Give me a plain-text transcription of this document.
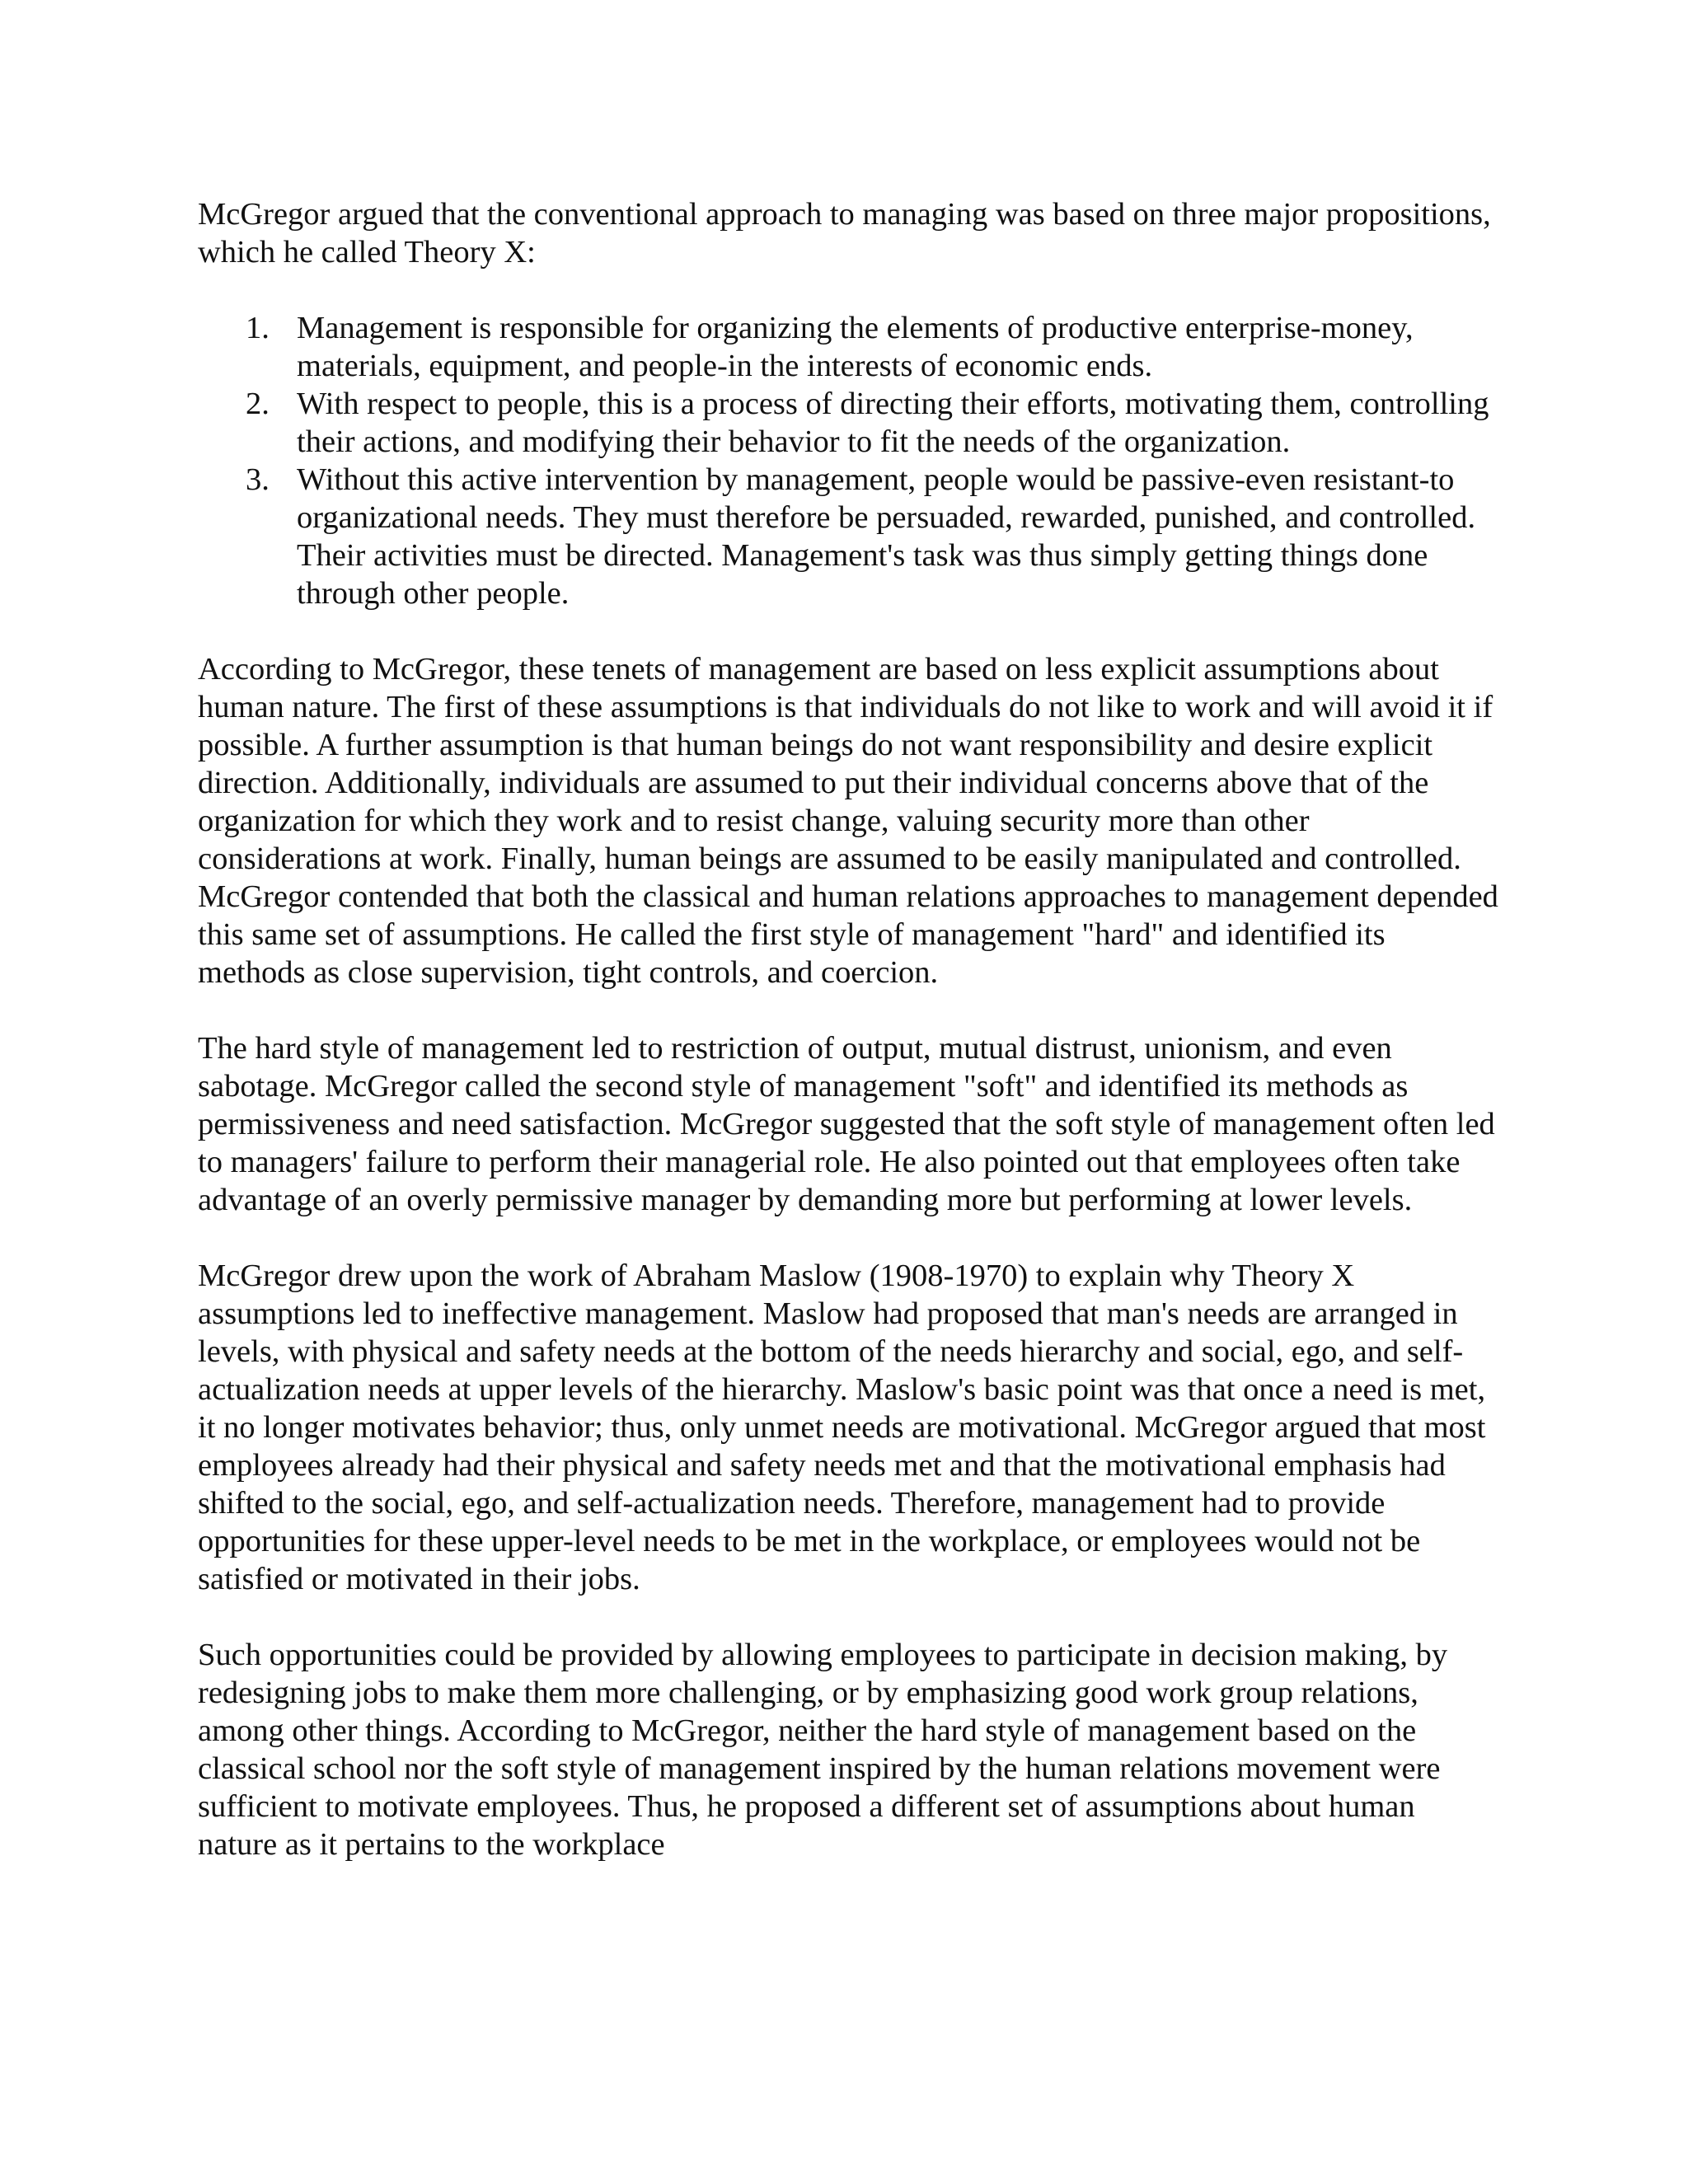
McGregor argued that the conventional approach to managing was based on three major propositions, which he called Theory X:

1. Management is responsible for organizing the elements of productive enterprise-money, materials, equipment, and people-in the interests of economic ends.
2. With respect to people, this is a process of directing their efforts, motivating them, controlling their actions, and modifying their behavior to fit the needs of the organization.
3. Without this active intervention by management, people would be passive-even resistant-to organizational needs. They must therefore be persuaded, rewarded, punished, and controlled. Their activities must be directed. Management's task was thus simply getting things done through other people.

According to McGregor, these tenets of management are based on less explicit assumptions about human nature. The first of these assumptions is that individuals do not like to work and will avoid it if possible. A further assumption is that human beings do not want responsibility and desire explicit direction. Additionally, individuals are assumed to put their individual concerns above that of the organization for which they work and to resist change, valuing security more than other considerations at work. Finally, human beings are assumed to be easily manipulated and controlled. McGregor contended that both the classical and human relations approaches to management depended this same set of assumptions. He called the first style of management "hard" and identified its methods as close supervision, tight controls, and coercion.

The hard style of management led to restriction of output, mutual distrust, unionism, and even sabotage. McGregor called the second style of management "soft" and identified its methods as permissiveness and need satisfaction. McGregor suggested that the soft style of management often led to managers' failure to perform their managerial role. He also pointed out that employees often take advantage of an overly permissive manager by demanding more but performing at lower levels.

McGregor drew upon the work of Abraham Maslow (1908-1970) to explain why Theory X assumptions led to ineffective management. Maslow had proposed that man's needs are arranged in levels, with physical and safety needs at the bottom of the needs hierarchy and social, ego, and self-actualization needs at upper levels of the hierarchy. Maslow's basic point was that once a need is met, it no longer motivates behavior; thus, only unmet needs are motivational. McGregor argued that most employees already had their physical and safety needs met and that the motivational emphasis had shifted to the social, ego, and self-actualization needs. Therefore, management had to provide opportunities for these upper-level needs to be met in the workplace, or employees would not be satisfied or motivated in their jobs.

Such opportunities could be provided by allowing employees to participate in decision making, by redesigning jobs to make them more challenging, or by emphasizing good work group relations, among other things. According to McGregor, neither the hard style of management based on the classical school nor the soft style of management inspired by the human relations movement were sufficient to motivate employees. Thus, he proposed a different set of assumptions about human nature as it pertains to the workplace
